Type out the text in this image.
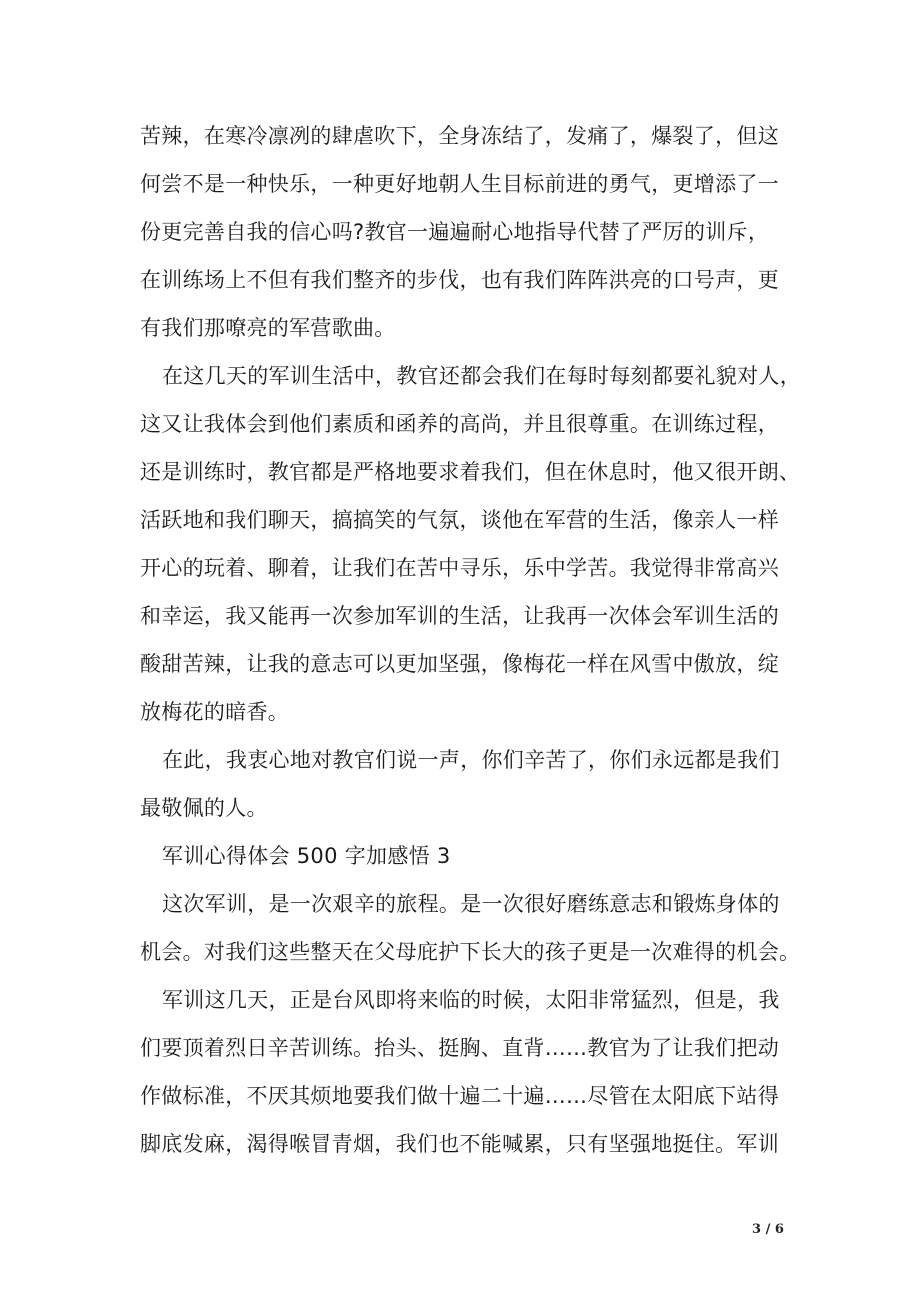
苦辣，在寒冷凛冽的肆虐吹下，全身冻结了，发痛了，爆裂了，但这
何尝不是一种快乐，一种更好地朝人生目标前进的勇气，更增添了一
份更完善自我的信心吗?教官一遍遍耐心地指导代替了严厉的训斥，
在训练场上不但有我们整齐的步伐，也有我们阵阵洪亮的口号声，更
有我们那嘹亮的军营歌曲。
在这几天的军训生活中，教官还都会我们在每时每刻都要礼貌对人，
这又让我体会到他们素质和函养的高尚，并且很尊重。在训练过程，
还是训练时，教官都是严格地要求着我们，但在休息时，他又很开朗、
活跃地和我们聊天，搞搞笑的气氛，谈他在军营的生活，像亲人一样
开心的玩着、聊着，让我们在苦中寻乐，乐中学苦。我觉得非常高兴
和幸运，我又能再一次参加军训的生活，让我再一次体会军训生活的
酸甜苦辣，让我的意志可以更加坚强，像梅花一样在风雪中傲放，绽
放梅花的暗香。
在此，我衷心地对教官们说一声，你们辛苦了，你们永远都是我们
最敬佩的人。
军训心得体会 500 字加感悟 3
这次军训，是一次艰辛的旅程。是一次很好磨练意志和锻炼身体的
机会。对我们这些整天在父母庇护下长大的孩子更是一次难得的机会。
军训这几天，正是台风即将来临的时候，太阳非常猛烈，但是，我
们要顶着烈日辛苦训练。抬头、挺胸、直背……教官为了让我们把动
作做标准，不厌其烦地要我们做十遍二十遍……尽管在太阳底下站得
脚底发麻，渴得喉冒青烟，我们也不能喊累，只有坚强地挺住。军训
3 / 6
